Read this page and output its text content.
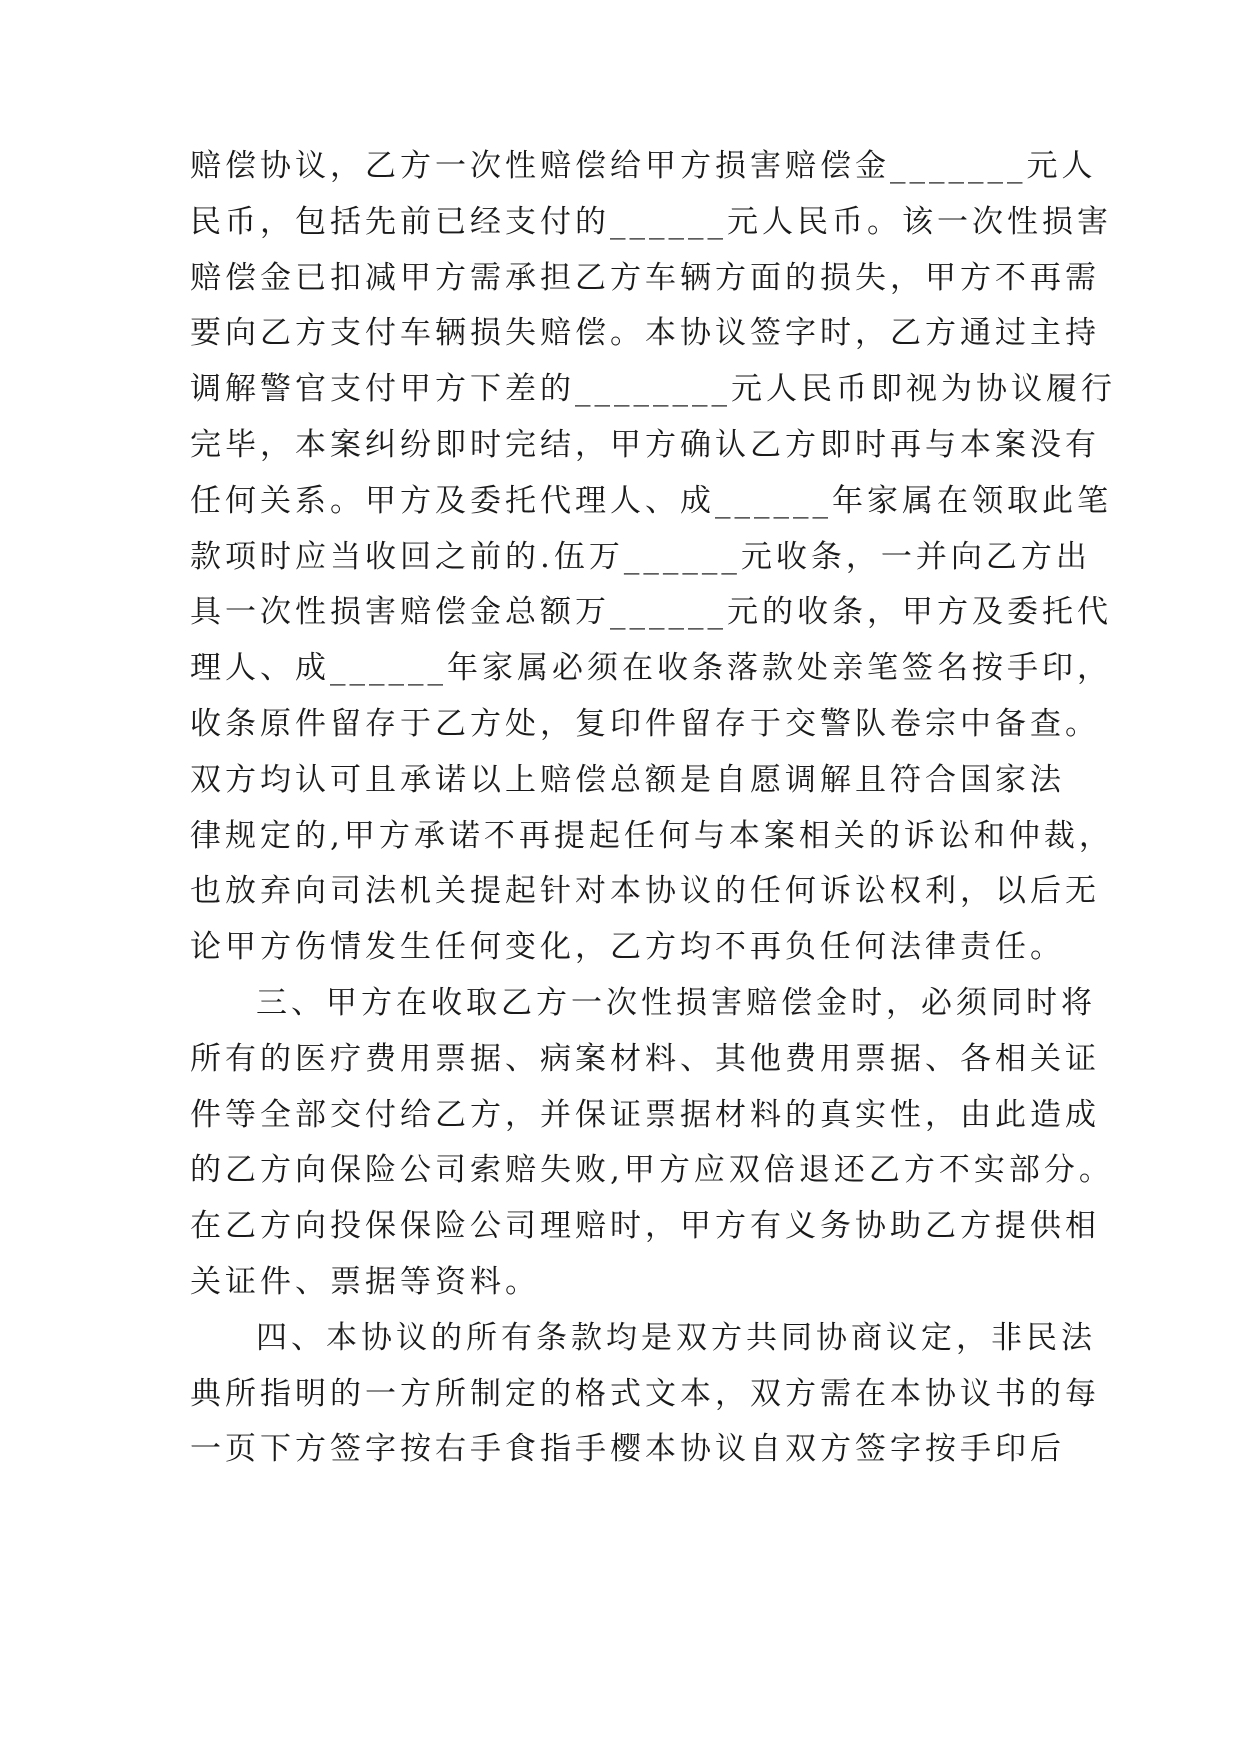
赔偿协议，乙方一次性赔偿给甲方损害赔偿金_______元人
民币，包括先前已经支付的______元人民币。该一次性损害
赔偿金已扣减甲方需承担乙方车辆方面的损失，甲方不再需
要向乙方支付车辆损失赔偿。本协议签字时，乙方通过主持
调解警官支付甲方下差的________元人民币即视为协议履行
完毕，本案纠纷即时完结，甲方确认乙方即时再与本案没有
任何关系。甲方及委托代理人、成______年家属在领取此笔
款项时应当收回之前的.伍万______元收条，一并向乙方出
具一次性损害赔偿金总额万______元的收条，甲方及委托代
理人、成______年家属必须在收条落款处亲笔签名按手印，
收条原件留存于乙方处，复印件留存于交警队卷宗中备查。
双方均认可且承诺以上赔偿总额是自愿调解且符合国家法
律规定的,甲方承诺不再提起任何与本案相关的诉讼和仲裁，
也放弃向司法机关提起针对本协议的任何诉讼权利，以后无
论甲方伤情发生任何变化，乙方均不再负任何法律责任。
三、甲方在收取乙方一次性损害赔偿金时，必须同时将
所有的医疗费用票据、病案材料、其他费用票据、各相关证
件等全部交付给乙方，并保证票据材料的真实性，由此造成
的乙方向保险公司索赔失败,甲方应双倍退还乙方不实部分。
在乙方向投保保险公司理赔时，甲方有义务协助乙方提供相
关证件、票据等资料。
四、本协议的所有条款均是双方共同协商议定，非民法
典所指明的一方所制定的格式文本，双方需在本协议书的每
一页下方签字按右手食指手樱本协议自双方签字按手印后
